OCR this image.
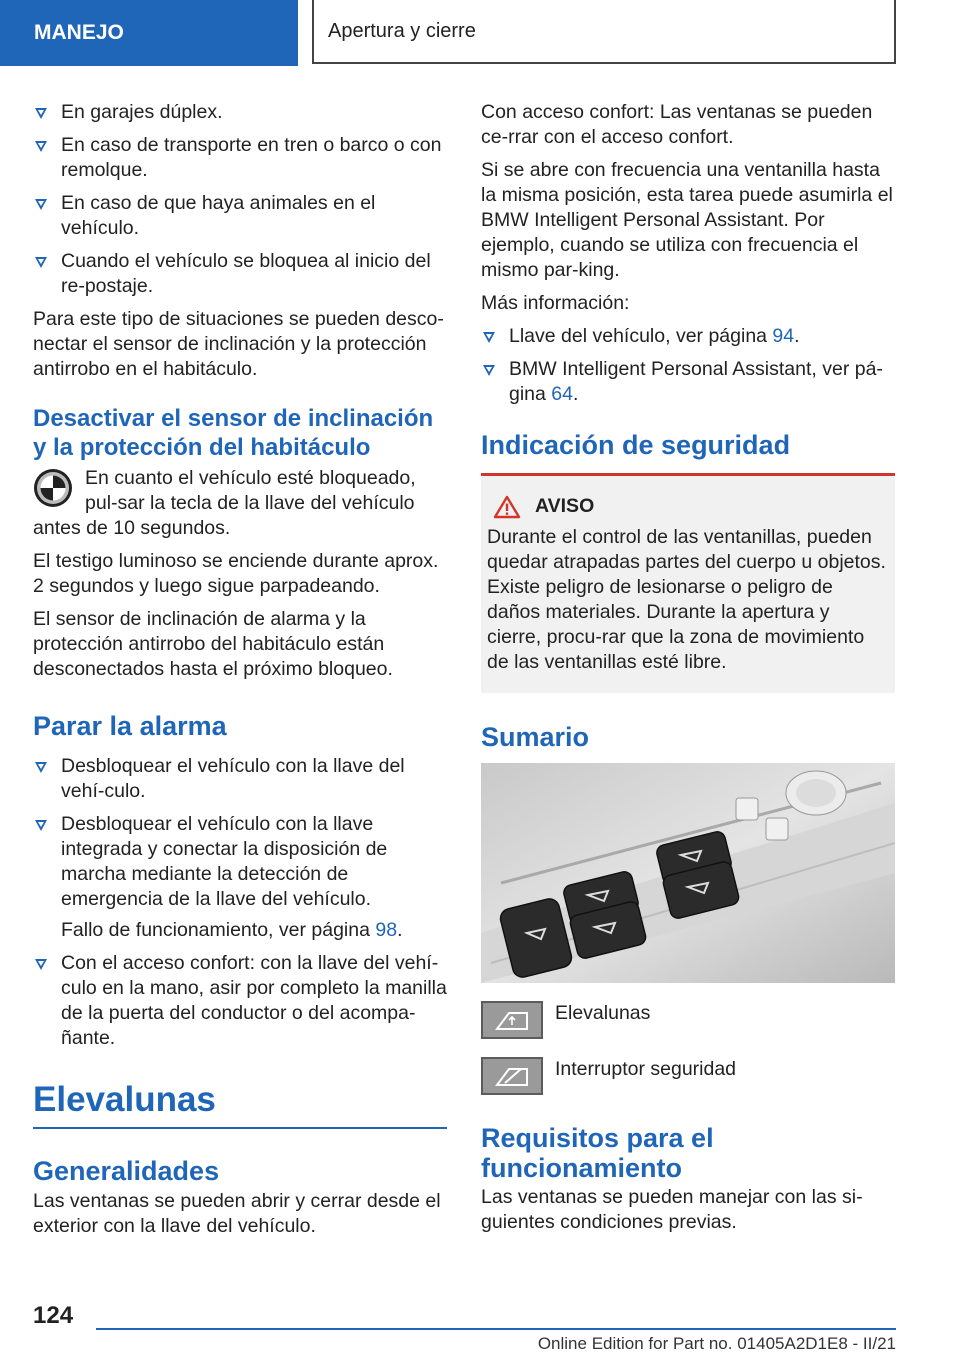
MANEJO	Apertura y cierre
En garajes dúplex.
En caso de transporte en tren o barco o con remolque.
En caso de que haya animales en el vehículo.
Cuando el vehículo se bloquea al inicio del re-postaje.

Para este tipo de situaciones se pueden desco-nectar el sensor de inclinación y la protección antirrobo en el habitáculo.

Desactivar el sensor de inclinación y la protección del habitáculo
En cuanto el vehículo esté bloqueado, pul-sar la tecla de la llave del vehículo antes de 10 segundos.

El testigo luminoso se enciende durante aprox. 2 segundos y luego sigue parpadeando.

El sensor de inclinación de alarma y la protección antirrobo del habitáculo están desconectados hasta el próximo bloqueo.

Parar la alarma
Desbloquear el vehículo con la llave del vehí-culo.
Desbloquear el vehículo con la llave integrada y conectar la disposición de marcha mediante la detección de emergencia de la llave del vehículo.

Fallo de funcionamiento, ver página 98.

Con el acceso confort: con la llave del vehí-culo en la mano, asir por completo la manilla de la puerta del conductor o del acompa-ñante.
Elevalunas
Generalidades

Las ventanas se pueden abrir y cerrar desde el exterior con la llave del vehículo.

Con acceso confort: Las ventanas se pueden ce-rrar con el acceso confort.

Si se abre con frecuencia una ventanilla hasta la misma posición, esta tarea puede asumirla el BMW Intelligent Personal Assistant. Por ejemplo, cuando se utiliza con frecuencia el mismo par-king.

Más información:

Llave del vehículo, ver página 94.
BMW Intelligent Personal Assistant, ver pá-gina 64.
Indicación de seguridad
AVISO
Durante el control de las ventanillas, pueden quedar atrapadas partes del cuerpo u objetos. Existe peligro de lesionarse o peligro de daños materiales. Durante la apertura y cierre, procu-rar que la zona de movimiento de las ventanillas esté libre.
Sumario
Elevalunas
Interruptor seguridad
Requisitos para el funcionamiento

Las ventanas se pueden manejar con las si-guientes condiciones previas.

124
Online Edition for Part no. 01405A2D1E8 - II/21
